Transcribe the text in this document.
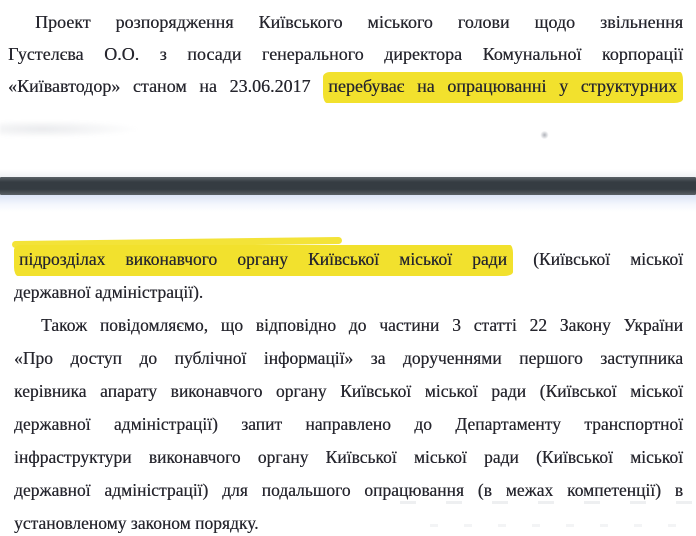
Проект розпорядження Київського міського голови щодо звільнення
Густелєва О.О. з посади генерального директора Комунальної корпорації
«Київавтодор» станом на 23.06.2017 перебуває на опрацюванні у структурних
підрозділах виконавчого органу Київської міської ради (Київської міської
державної адміністрації).
Також повідомляємо, що відповідно до частини 3 статті 22 Закону України
«Про доступ до публічної інформації» за дорученнями першого заступника
керівника апарату виконавчого органу Київської міської ради (Київської міської
державної адміністрації) запит направлено до Департаменту транспортної
інфраструктури виконавчого органу Київської міської ради (Київської міської
державної адміністрації) для подальшого опрацювання (в межах компетенції) в
установленому законом порядку.
